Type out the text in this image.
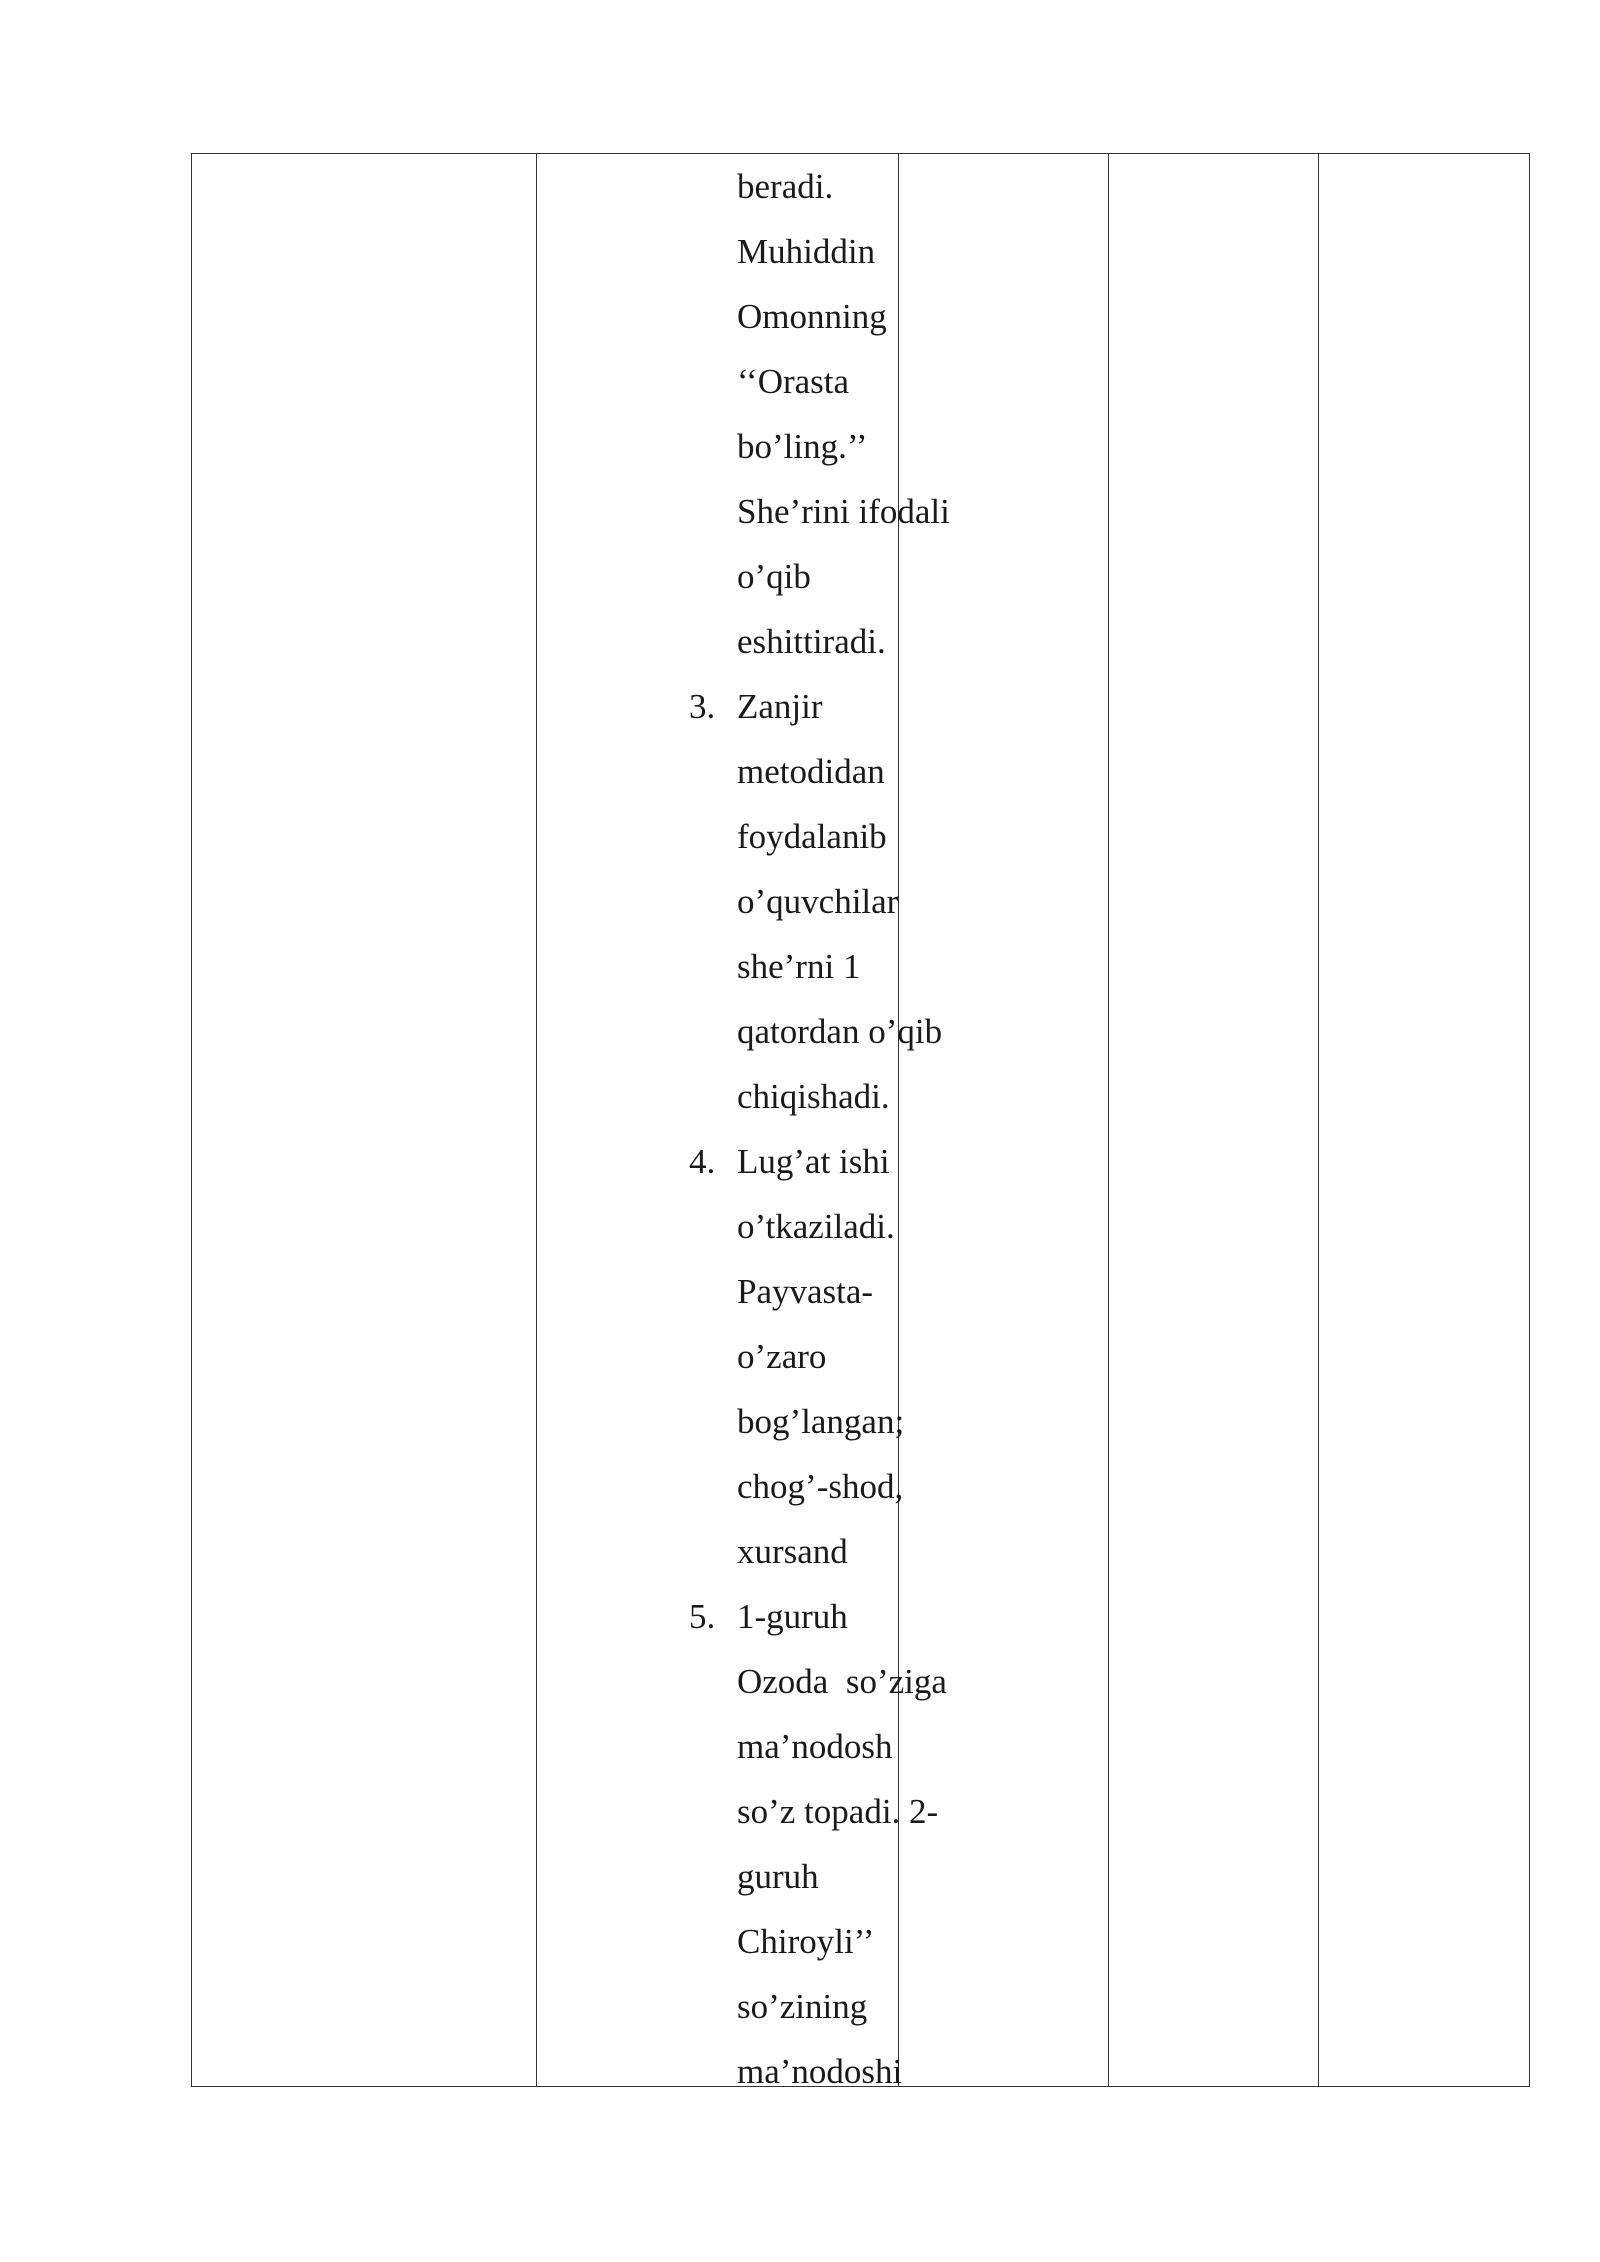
beradi.
Muhiddin
Omonning
‘‘Orasta
bo’ling.’’
She’rini ifodali
o’qib
eshittiradi.
3. Zanjir
metodidan
foydalanib
o’quvchilar
she’rni 1
qatordan o’qib
chiqishadi.
4. Lug’at ishi
o’tkaziladi.
Payvasta-
o’zaro
bog’langan;
chog’-shod,
xursand
5. 1-guruh
Ozoda  so’ziga
ma’nodosh
so’z topadi. 2-
guruh
Chiroyli’’
so’zining
ma’nodoshi
